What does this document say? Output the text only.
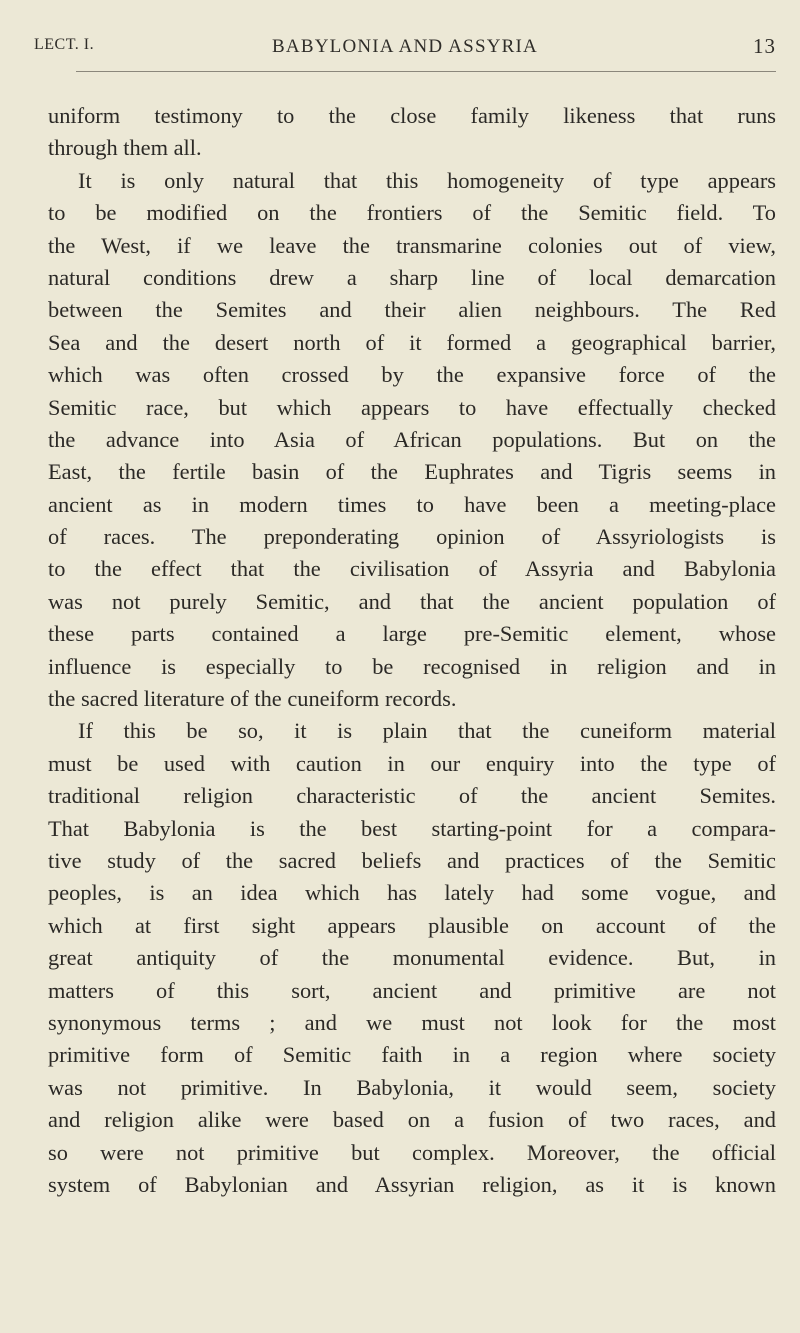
LECT. I.	BABYLONIA AND ASSYRIA	13
uniform testimony to the close family likeness that runs
through them all.
It is only natural that this homogeneity of type appears
to be modified on the frontiers of the Semitic field. To
the West, if we leave the transmarine colonies out of view,
natural conditions drew a sharp line of local demarcation
between the Semites and their alien neighbours. The Red
Sea and the desert north of it formed a geographical barrier,
which was often crossed by the expansive force of the
Semitic race, but which appears to have effectually checked
the advance into Asia of African populations. But on the
East, the fertile basin of the Euphrates and Tigris seems in
ancient as in modern times to have been a meeting-place
of races. The preponderating opinion of Assyriologists is
to the effect that the civilisation of Assyria and Babylonia
was not purely Semitic, and that the ancient population of
these parts contained a large pre-Semitic element, whose
influence is especially to be recognised in religion and in
the sacred literature of the cuneiform records.
If this be so, it is plain that the cuneiform material
must be used with caution in our enquiry into the type of
traditional religion characteristic of the ancient Semites.
That Babylonia is the best starting-point for a compara-
tive study of the sacred beliefs and practices of the Semitic
peoples, is an idea which has lately had some vogue, and
which at first sight appears plausible on account of the
great antiquity of the monumental evidence. But, in
matters of this sort, ancient and primitive are not
synonymous terms ; and we must not look for the most
primitive form of Semitic faith in a region where society
was not primitive. In Babylonia, it would seem, society
and religion alike were based on a fusion of two races, and
so were not primitive but complex. Moreover, the official
system of Babylonian and Assyrian religion, as it is known
